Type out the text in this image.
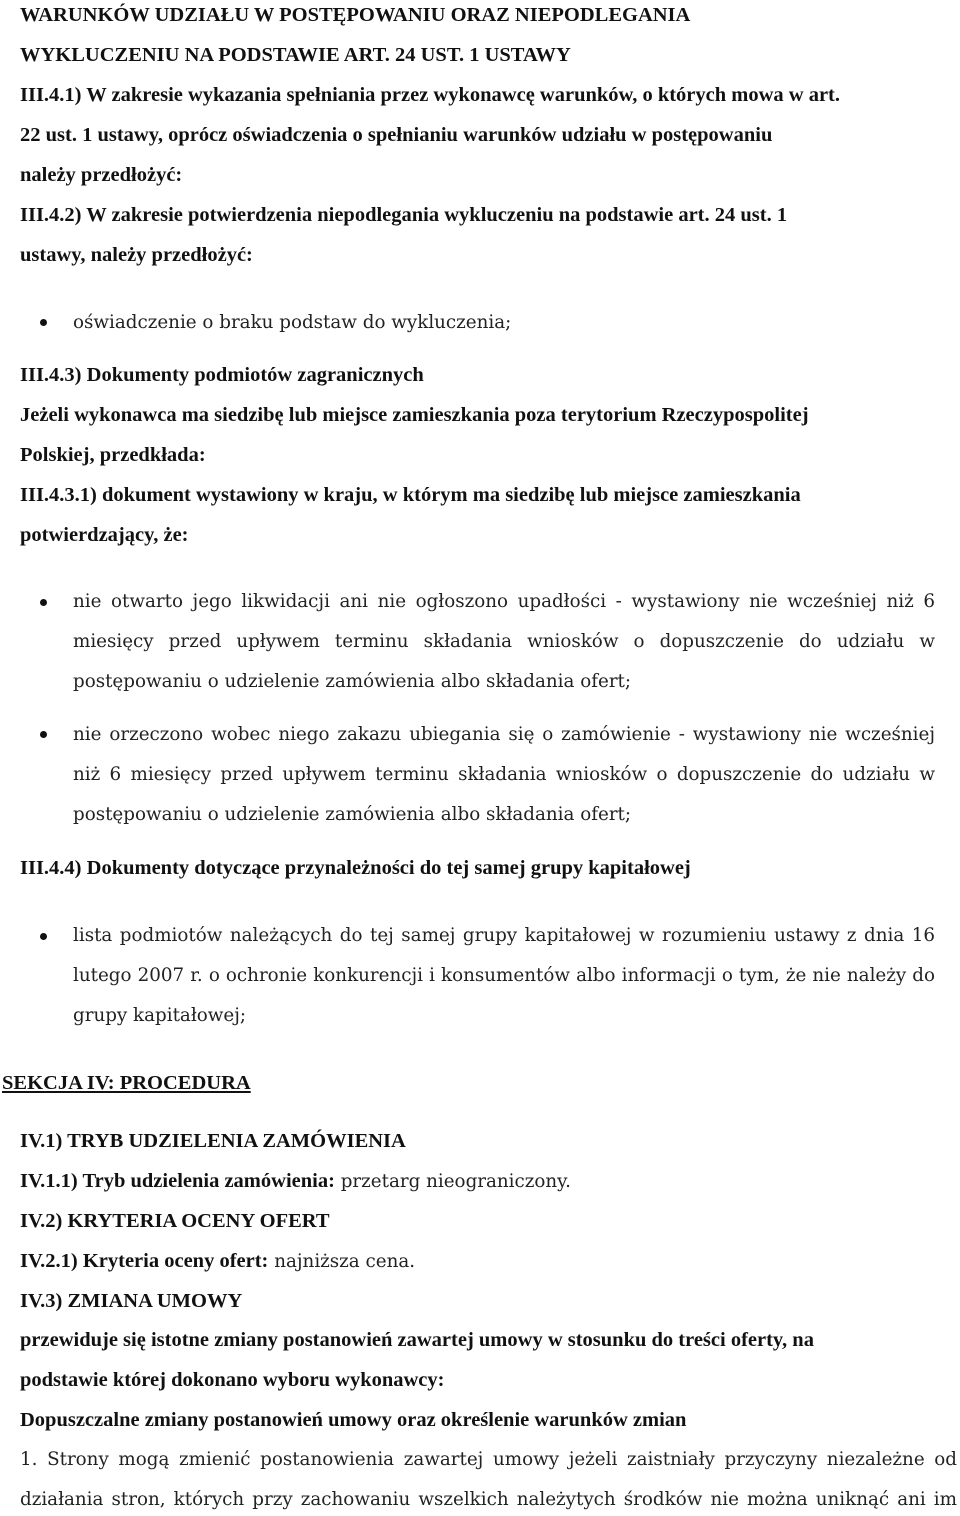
WARUNKÓW UDZIAŁU W POSTĘPOWANIU ORAZ NIEPODLEGANIA
WYKLUCZENIU NA PODSTAWIE ART. 24 UST. 1 USTAWY
III.4.1) W zakresie wykazania spełniania przez wykonawcę warunków, o których mowa w art.
22 ust. 1 ustawy, oprócz oświadczenia o spełnianiu warunków udziału w postępowaniu
należy przedłożyć:
III.4.2) W zakresie potwierdzenia niepodlegania wykluczeniu na podstawie art. 24 ust. 1
ustawy, należy przedłożyć:
oświadczenie o braku podstaw do wykluczenia;
III.4.3) Dokumenty podmiotów zagranicznych
Jeżeli wykonawca ma siedzibę lub miejsce zamieszkania poza terytorium Rzeczypospolitej
Polskiej, przedkłada:
III.4.3.1) dokument wystawiony w kraju, w którym ma siedzibę lub miejsce zamieszkania
potwierdzający, że:
nie otwarto jego likwidacji ani nie ogłoszono upadłości - wystawiony nie wcześniej niż 6
miesięcy przed upływem terminu składania wniosków o dopuszczenie do udziału w
postępowaniu o udzielenie zamówienia albo składania ofert;
nie orzeczono wobec niego zakazu ubiegania się o zamówienie - wystawiony nie wcześniej
niż 6 miesięcy przed upływem terminu składania wniosków o dopuszczenie do udziału w
postępowaniu o udzielenie zamówienia albo składania ofert;
III.4.4) Dokumenty dotyczące przynależności do tej samej grupy kapitałowej
lista podmiotów należących do tej samej grupy kapitałowej w rozumieniu ustawy z dnia 16
lutego 2007 r. o ochronie konkurencji i konsumentów albo informacji o tym, że nie należy do
grupy kapitałowej;
SEKCJA IV: PROCEDURA
IV.1) TRYB UDZIELENIA ZAMÓWIENIA
IV.1.1) Tryb udzielenia zamówienia: przetarg nieograniczony.
IV.2) KRYTERIA OCENY OFERT
IV.2.1) Kryteria oceny ofert: najniższa cena.
IV.3) ZMIANA UMOWY
przewiduje się istotne zmiany postanowień zawartej umowy w stosunku do treści oferty, na
podstawie której dokonano wyboru wykonawcy:
Dopuszczalne zmiany postanowień umowy oraz określenie warunków zmian
1. Strony mogą zmienić postanowienia zawartej umowy jeżeli zaistniały przyczyny niezależne od
działania stron, których przy zachowaniu wszelkich należytych środków nie można uniknąć ani im
